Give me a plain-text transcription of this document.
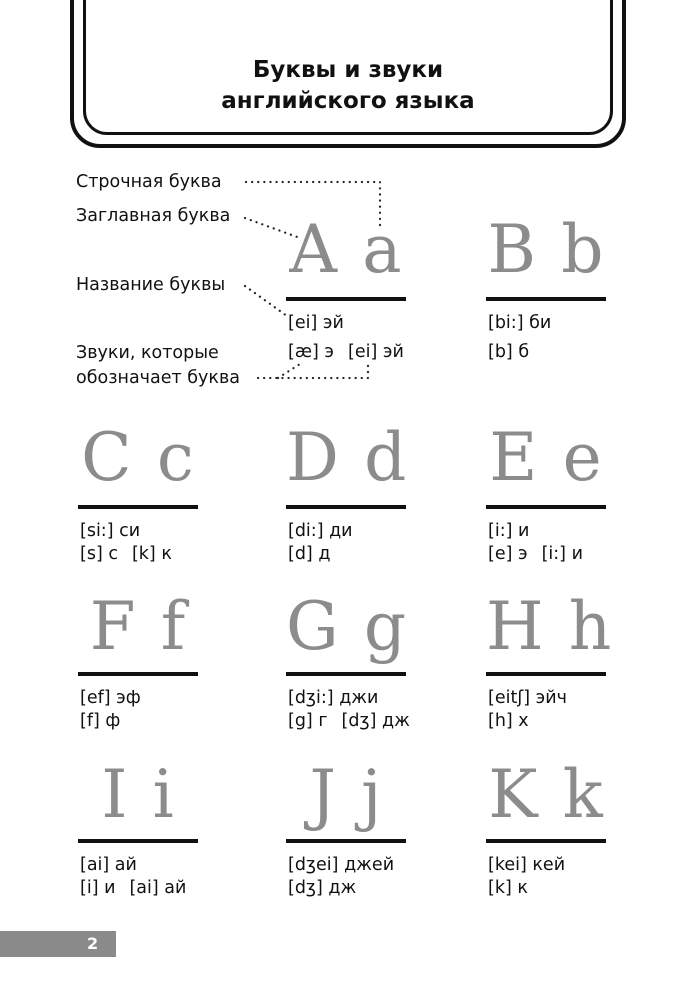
Буквы и звуки
английского языка
Строчная буква
Заглавная буква
Название буквы
Звуки, которые
обозначает буква
A a
[ei] эй
[æ] э [ei] эй
B b
[bi:] би
[b] б
C c
[si:] си
[s] с [k] к
D d
[di:] ди
[d] д
E e
[i:] и
[e] э [i:] и
F f
[ef] эф
[f] ф
G g
[dʒi:] джи
[g] г [dʒ] дж
H h
[eitʃ] эйч
[h] х
I i
[ai] ай
[i] и [ai] ай
J j
[dʒei] джей
[dʒ] дж
K k
[kei] кей
[k] к
2
